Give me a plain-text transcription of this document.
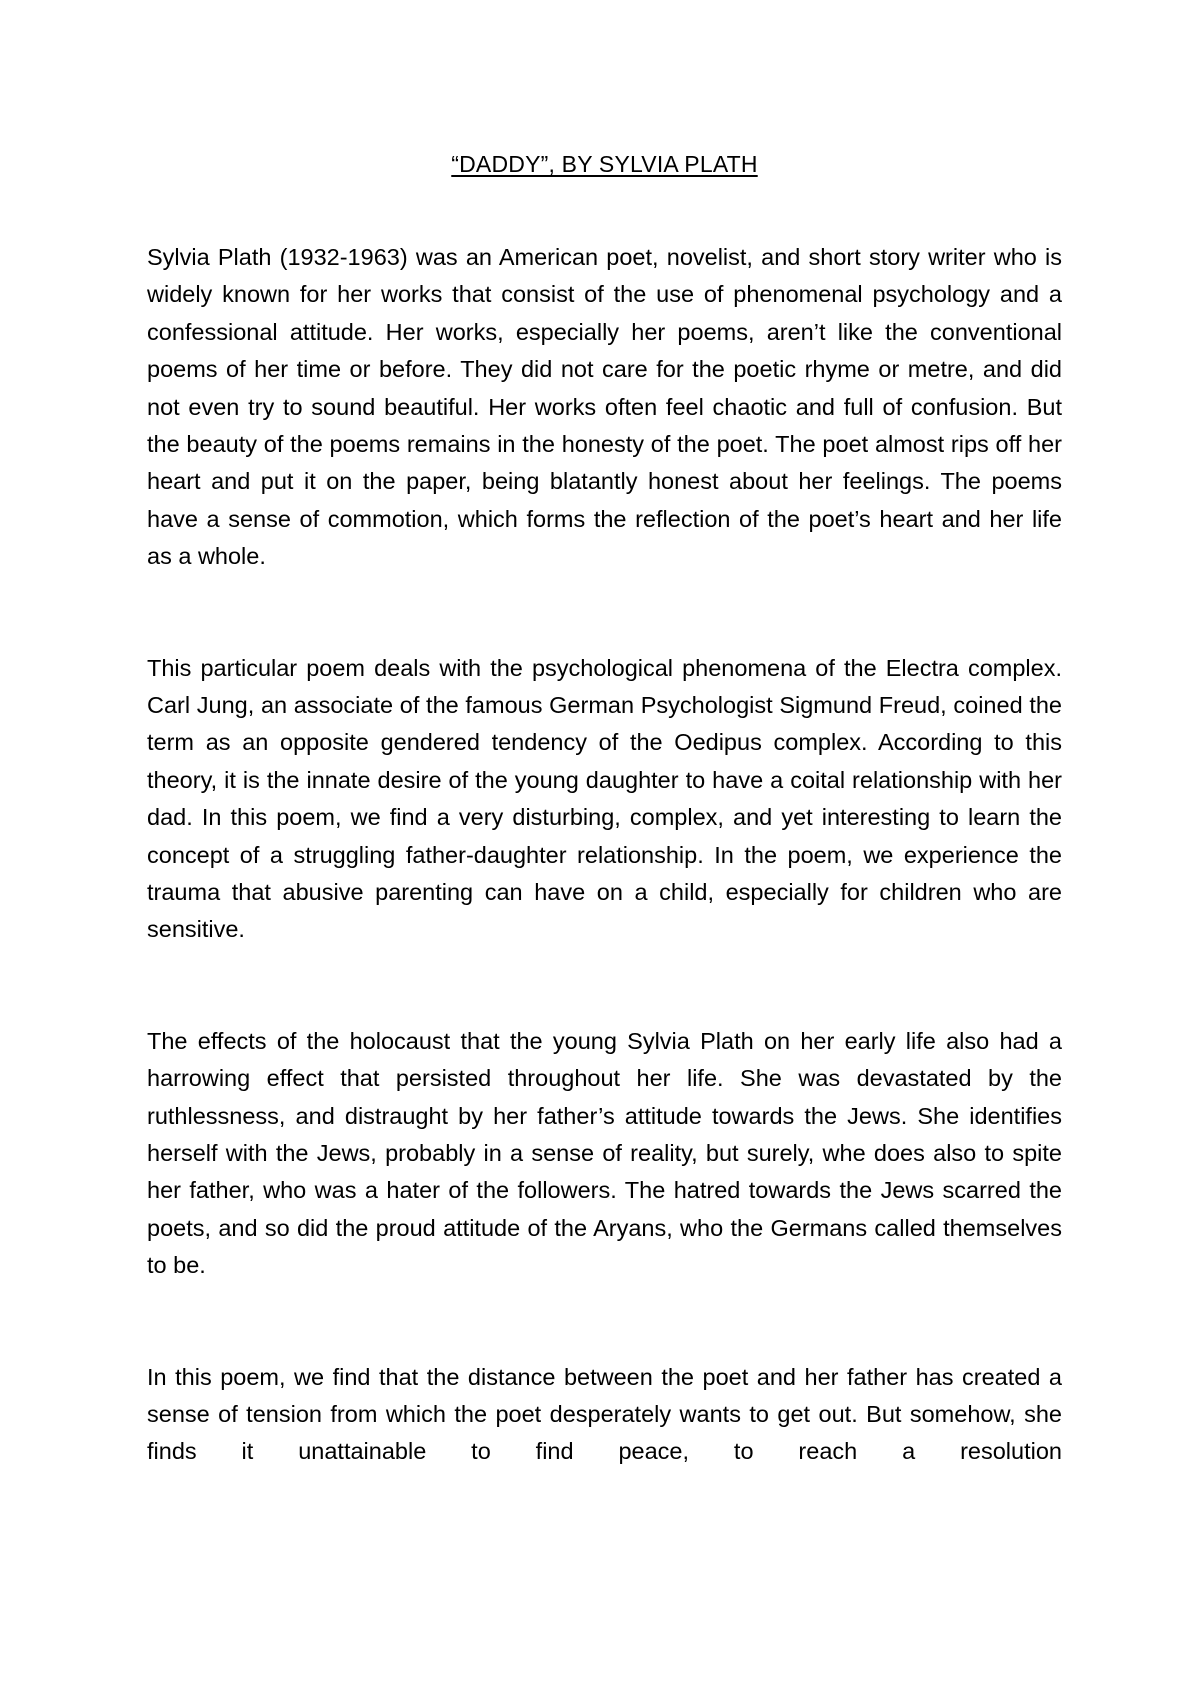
“DADDY”, BY SYLVIA PLATH

Sylvia Plath (1932-1963) was an American poet, novelist, and short story writer who is widely known for her works that consist of the use of phenomenal psychology and a confessional attitude. Her works, especially her poems, aren’t like the conventional poems of her time or before. They did not care for the poetic rhyme or metre, and did not even try to sound beautiful. Her works often feel chaotic and full of confusion. But the beauty of the poems remains in the honesty of the poet. The poet almost rips off her heart and put it on the paper, being blatantly honest about her feelings. The poems have a sense of commotion, which forms the reflection of the poet’s heart and her life as a whole.

This particular poem deals with the psychological phenomena of the Electra complex. Carl Jung, an associate of the famous German Psychologist Sigmund Freud, coined the term as an opposite gendered tendency of the Oedipus complex. According to this theory, it is the innate desire of the young daughter to have a coital relationship with her dad. In this poem, we find a very disturbing, complex, and yet interesting to learn the concept of a struggling father-daughter relationship. In the poem, we experience the trauma that abusive parenting can have on a child, especially for children who are sensitive.

The effects of the holocaust that the young Sylvia Plath on her early life also had a harrowing effect that persisted throughout her life. She was devastated by the ruthlessness, and distraught by her father’s attitude towards the Jews. She identifies herself with the Jews, probably in a sense of reality, but surely, whe does also to spite her father, who was a hater of the followers. The hatred towards the Jews scarred the poets, and so did the proud attitude of the Aryans, who the Germans called themselves to be.

In this poem, we find that the distance between the poet and her father has created a sense of tension from which the poet desperately wants to get out. But somehow, she finds it unattainable to find peace, to reach a resolution
